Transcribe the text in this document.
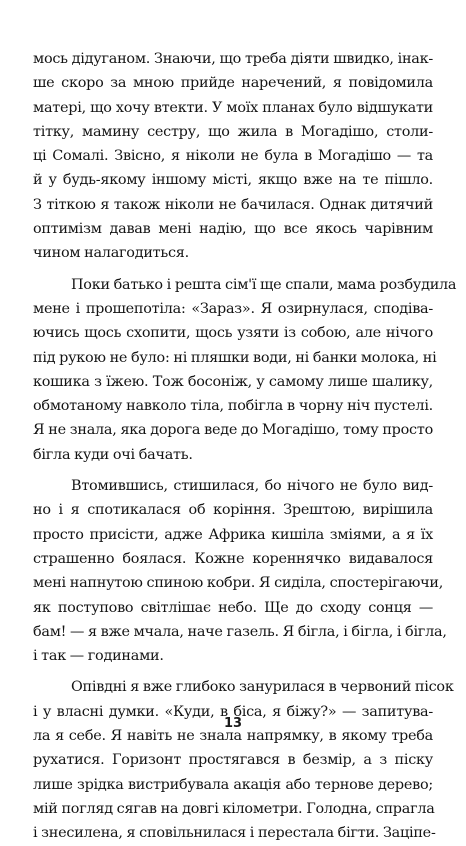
мось дідуганом. Знаючи, що треба діяти швидко, інак-
ше скоро за мною прийде наречений, я повідомила
матері, що хочу втекти. У моїх планах було відшукати
тітку, мамину сестру, що жила в Могадішо, столи-
ці Сомалі. Звісно, я ніколи не була в Могадішо — та
й у будь-якому іншому місті, якщо вже на те пішло.
З тіткою я також ніколи не бачилася. Однак дитячий
оптимізм давав мені надію, що все якось чарівним
чином налагодиться.
Поки батько і решта сім'ї ще спали, мама розбудила
мене і прошепотіла: «Зараз». Я озирнулася, сподіва-
ючись щось схопити, щось узяти із собою, але нічого
під рукою не було: ні пляшки води, ні банки молока, ні
кошика з їжею. Тож босоніж, у самому лише шалику,
обмотаному навколо тіла, побігла в чорну ніч пустелі.
Я не знала, яка дорога веде до Могадішо, тому просто
бігла куди очі бачать.
Втомившись, стишилася, бо нічого не було вид-
но і я спотикалася об коріння. Зрештою, вирішила
просто присісти, адже Африка кишіла зміями, а я їх
страшенно боялася. Кожне кореннячко видавалося
мені напнутою спиною кобри. Я сиділа, спостерігаючи,
як поступово світлішає небо. Ще до сходу сонця —
бам! — я вже мчала, наче газель. Я бігла, і бігла, і бігла,
і так — годинами.
Опівдні я вже глибоко занурилася в червоний пісок
і у власні думки. «Куди, в біса, я біжу?» — запитува-
ла я себе. Я навіть не знала напрямку, в якому треба
рухатися. Горизонт простягався в безмір, а з піску
лише зрідка вистрибувала акація або тернове дерево;
мій погляд сягав на довгі кілометри. Голодна, спрагла
і знесилена, я сповільнилася і перестала бігти. Заціпе-
13
